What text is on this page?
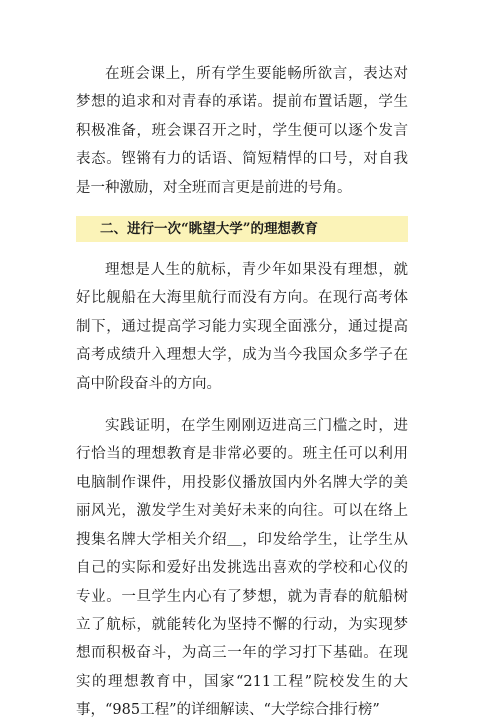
在班会课上，所有学生要能畅所欲言，表达对梦想的追求和对青春的承诺。提前布置话题，学生积极准备，班会课召开之时，学生便可以逐个发言表态。铿锵有力的话语、简短精悍的口号，对自我是一种激励，对全班而言更是前进的号角。

二、进行一次“眺望大学”的理想教育

理想是人生的航标，青少年如果没有理想，就好比舰船在大海里航行而没有方向。在现行高考体制下，通过提高学习能力实现全面涨分，通过提高高考成绩升入理想大学，成为当今我国众多学子在高中阶段奋斗的方向。

实践证明，在学生刚刚迈进高三门槛之时，进行恰当的理想教育是非常必要的。班主任可以利用电脑制作课件，用投影仪播放国内外名牌大学的美丽风光，激发学生对美好未来的向往。可以在络上搜集名牌大学相关介绍＿，印发给学生，让学生从自己的实际和爱好出发挑选出喜欢的学校和心仪的专业。一旦学生内心有了梦想，就为青春的航船树立了航标，就能转化为坚持不懈的行动，为实现梦想而积极奋斗，为高三一年的学习打下基础。在现实的理想教育中，国家“211工程”院校发生的大事，“985工程”的详细解读、“大学综合排行榜”
